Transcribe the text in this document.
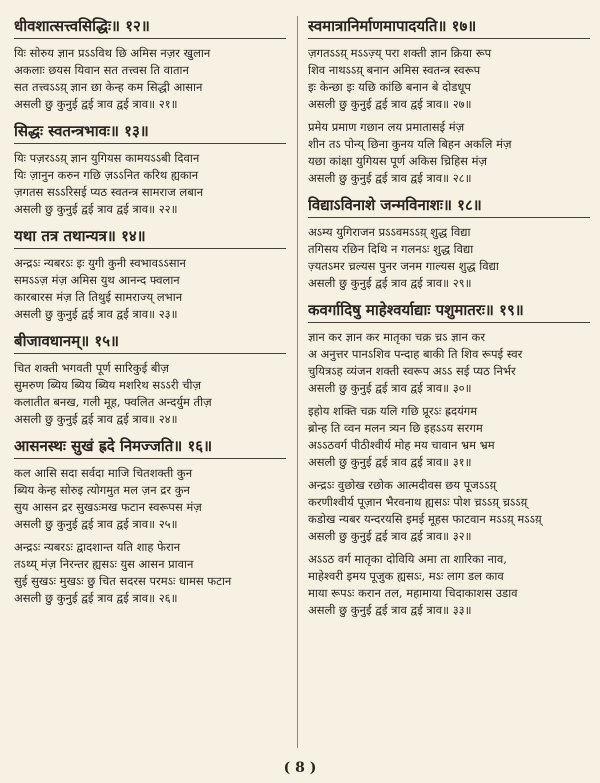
धीवशात्सत्त्वसिद्धिः॥ १२॥

यिः सोरुय ज्ञान प्रऽऽविथ छि अमिस नज़र खुलान

अकलाः छयस यिवान सत तत्त्वस ति वातान

सत तत्त्वऽऽय़् ज्ञान छा केन्ह कम सिद्धी आसान

असली छु कुनुई द्वई त्राव द्वई त्राव॥ २१॥

सिद्धः स्वतन्त्रभावः॥ १३॥

यिः पज़रऽऽय़् ज्ञान युगियस कामयऽऽबी दिवान

यिः ज़ानुन करुन गछि ज़ऽऽनित करिथ ह्यकान

ज़गतस सऽऽरिसई प्यठ स्वतन्त्र सामराज लबान

असली छु कुनुई द्वई त्राव द्वई त्राव॥ २२॥

यथा तत्र तथान्यत्र॥ १४॥

अन्द्रऽः न्यबरऽः इः युगी कुनी स्वभावऽऽसान

समऽऽज़ मंज़ अमिस युथ आनन्द फ्वलान

कारबारस मंज़ ति तिथुई सामराज्य् लभान

असली छु कुनुई द्वई त्राव द्वई त्राव॥ २३॥

बीजावधानम्॥ १५॥

चित शक्ती भगवती पूर्ण सारिकुई बीज़

सुमरुण ब्यिय ब्यिय ब्यिय मशरिथ सऽऽरी चीज़

कलातीत बनख, गली मूह, फ्वलित अन्दर्युम तीज़

असली छु कुनुई द्वई त्राव द्वई त्राव॥ २४॥

आसनस्थः सुखं ह्रदे निमज्जति॥ १६॥

कल आसि सदा सर्वदा माजि चितशक्ती कुन

ब्यिय केन्ह सोरुइ त्योगमुत मल ज़न द्रर कुन

सुय आसन द्रर सुखऽःमख फटान स्वरूपस मंज़

असली छु कुनुई द्वई त्राव द्वई त्राव॥ २५॥

अन्द्रऽः न्यबरऽः द्वादशान्त यति शाह फेरान

तऽथ्य् मंज़ निरन्तर ह्यसऽः युस आसन प्रावान

सुई सुखऽः मुखऽः छु चित सदरस परमऽः धामस फटान

असली छु कुनुई द्वई त्राव द्वई त्राव॥ २६॥

स्वमात्रानिर्माणमापादयति॥ १७॥

ज़गतऽऽय़् मऽऽज़्य् परा शक्ती ज्ञान क्रिया रूप

शिव नाथऽऽय़् बनान अमिस स्वतन्त्र स्वरूप

इः केन्छा इः यछि कांछि बनान बे दोडधूप

असली छु कुनुई द्वई त्राव द्वई त्राव॥ २७॥

प्रमेय प्रमाण गछान लय प्रमातासई मंज़

शीन तऽ पोन्य् छिना कुनय यलि बिहन अकलि मंज़

यछा कांक्षा युगियस पूर्ण अकिस च्रिहिस मंज़

असली छु कुनुई द्वई त्राव द्वई त्राव॥ २८॥

विद्याऽविनाशे जन्मविनाशः॥ १८॥

अऽम्य युगिराजन प्रऽऽवमऽऽय़् शुद्ध विद्या

तगिसय रछिन दिथि न गलनऽः शुद्ध विद्या

ज़्यतऽमर च्रल्यस पुनर जनम गाल्यस शुद्ध विद्या

असली छु कुनुई द्वई त्राव द्वई त्राव॥ २९॥

कवर्गादिषु माहेश्वर्याद्याः पशुमातरः॥ १९॥

ज्ञान कर ज्ञान कर मातृका चक्र च्रऽ ज्ञान कर

अ अनुत्तर पानऽशिव पन्दाह बाकी ति शिव रूपई स्वर

चुयित्रऽह व्यंजन शक्ती स्वरूप अऽऽ सई प्यठ निर्भर

असली छु कुनुई द्वई त्राव द्वई त्राव॥ ३०॥

इहोय शक्ति चक्र यलि गछि प्रूरऽः ह्रदयंगम

ब्रोन्ह ति व्वन मलन त्र्यन छि इहऽऽय सरगम

अऽऽठवर्ग पीठीश्वीर्य मोह मय चावान भ्रम भ्रम

असली छु कुनुई द्वई त्राव द्वई त्राव॥ ३१॥

अन्द्रऽः वुछोख रछोक आत्मदीवस छय पूजऽऽय़्

करणीश्वीर्य पूज़ान भैरवनाथ ह्यसऽः पोश च्रऽऽय़् च्रऽऽय़्

कडोख न्यबर यन्दरयसि इमई मूहस फाटवान मऽऽय़् मऽऽय़्

असली छु कुनुई द्वई त्राव द्वई त्राव॥ ३२॥

अऽऽठ वर्ग मातृका दोवियि अमा ता शारिका नाव,

माहेश्वरी इमय पूजुक ह्यसऽः, मऽः लाग डल काव

माया रूपऽः करान तल, महामाया चिदाकाशस उडाव

असली छु कुनुई द्वई त्राव द्वई त्राव॥ ३३॥

( 8 )
